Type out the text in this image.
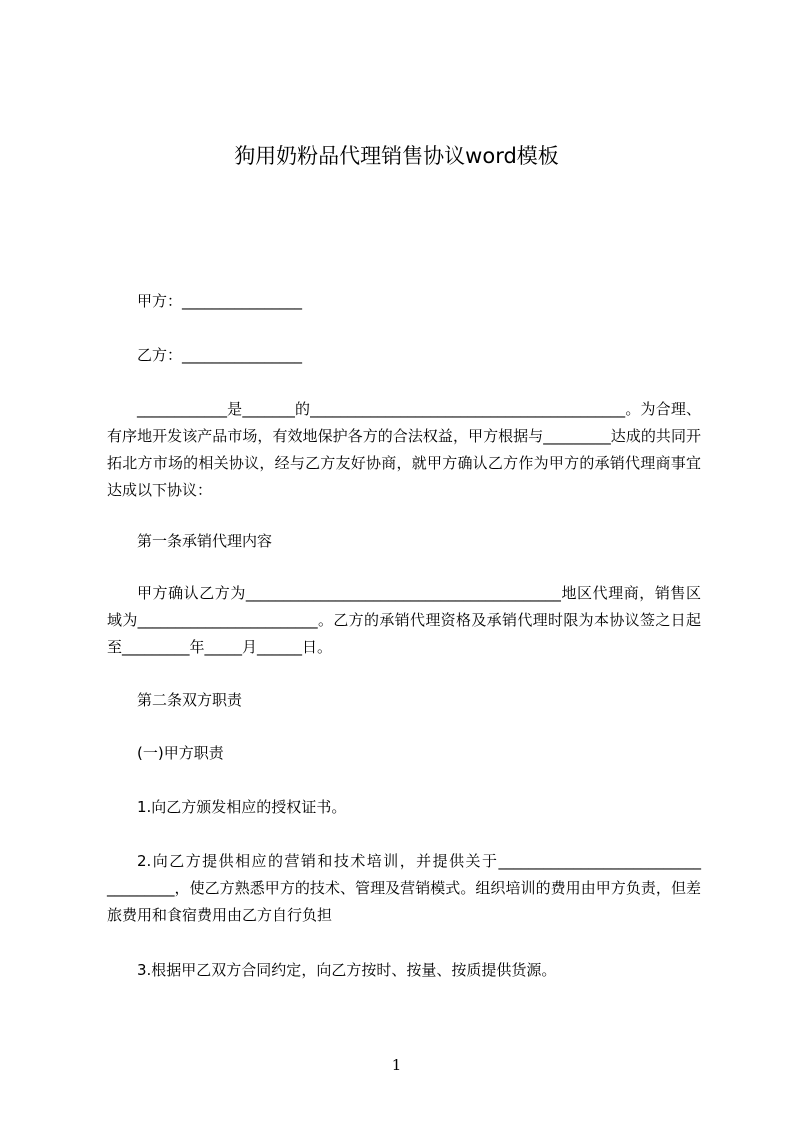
狗用奶粉品代理销售协议word模板
甲方：________________
乙方：________________
____________是_______的__________________________________________。为合理、有序地开发该产品市场，有效地保护各方的合法权益，甲方根据与_________达成的共同开拓北方市场的相关协议，经与乙方友好协商，就甲方确认乙方作为甲方的承销代理商事宜达成以下协议：
第一条承销代理内容
甲方确认乙方为__________________________________________地区代理商，销售区域为________________________。乙方的承销代理资格及承销代理时限为本协议签之日起至_________年_____月______日。
第二条双方职责
(一)甲方职责
1.向乙方颁发相应的授权证书。
2.向乙方提供相应的营销和技术培训，并提供关于___________________________ _________，使乙方熟悉甲方的技术、管理及营销模式。组织培训的费用由甲方负责，但差旅费用和食宿费用由乙方自行负担
3.根据甲乙双方合同约定，向乙方按时、按量、按质提供货源。
1
